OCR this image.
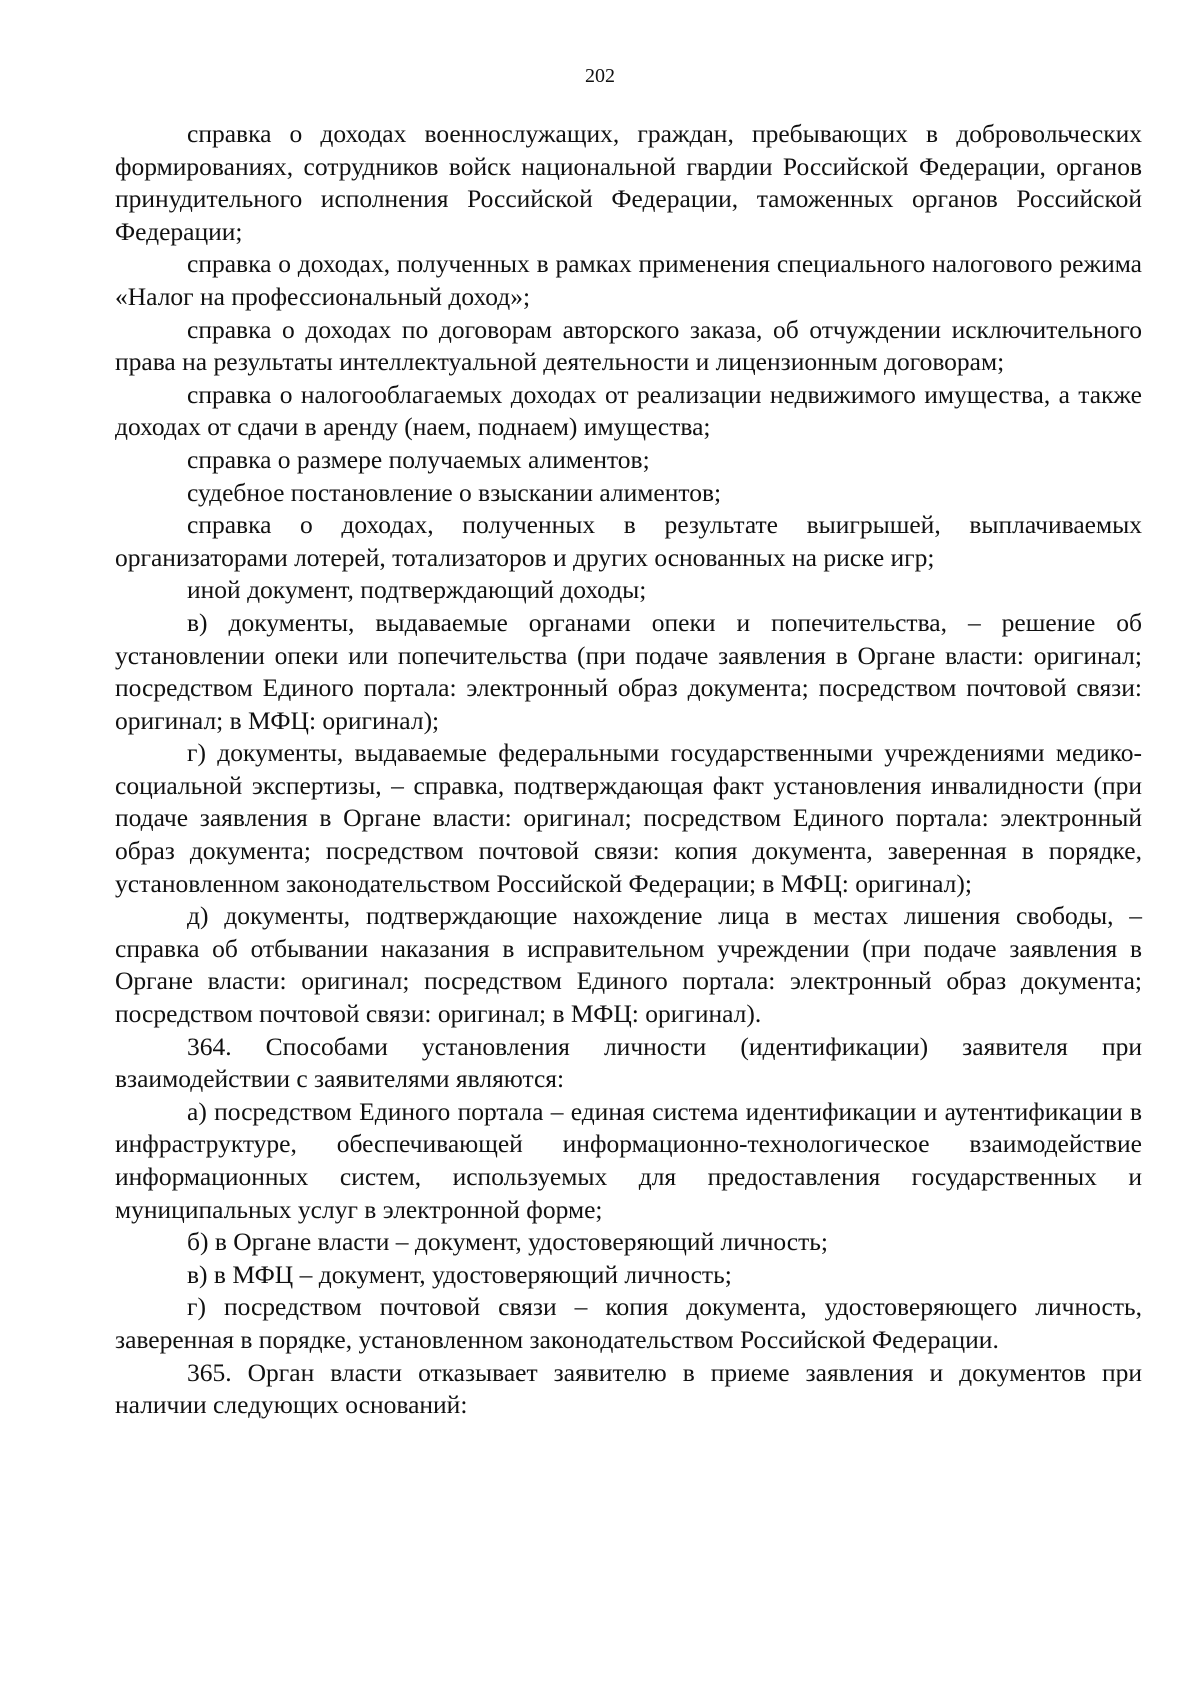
202

справка о доходах военнослужащих, граждан, пребывающих в добровольческих формированиях, сотрудников войск национальной гвардии Российской Федерации, органов принудительного исполнения Российской Федерации, таможенных органов Российской Федерации;

справка о доходах, полученных в рамках применения специального налогового режима «Налог на профессиональный доход»;

справка о доходах по договорам авторского заказа, об отчуждении исключительного права на результаты интеллектуальной деятельности и лицензионным договорам;

справка о налогооблагаемых доходах от реализации недвижимого имущества, а также доходах от сдачи в аренду (наем, поднаем) имущества;

справка о размере получаемых алиментов;

судебное постановление о взыскании алиментов;

справка о доходах, полученных в результате выигрышей, выплачиваемых организаторами лотерей, тотализаторов и других основанных на риске игр;

иной документ, подтверждающий доходы;

в) документы, выдаваемые органами опеки и попечительства, – решение об установлении опеки или попечительства (при подаче заявления в Органе власти: оригинал; посредством Единого портала: электронный образ документа; посредством почтовой связи: оригинал; в МФЦ: оригинал);

г) документы, выдаваемые федеральными государственными учреждениями медико-социальной экспертизы, – справка, подтверждающая факт установления инвалидности (при подаче заявления в Органе власти: оригинал; посредством Единого портала: электронный образ документа; посредством почтовой связи: копия документа, заверенная в порядке, установленном законодательством Российской Федерации; в МФЦ: оригинал);

д) документы, подтверждающие нахождение лица в местах лишения свободы, – справка об отбывании наказания в исправительном учреждении (при подаче заявления в Органе власти: оригинал; посредством Единого портала: электронный образ документа; посредством почтовой связи: оригинал; в МФЦ: оригинал).

364. Способами установления личности (идентификации) заявителя при взаимодействии с заявителями являются:

а) посредством Единого портала – единая система идентификации и аутентификации в инфраструктуре, обеспечивающей информационно-технологическое взаимодействие информационных систем, используемых для предоставления государственных и муниципальных услуг в электронной форме;

б) в Органе власти – документ, удостоверяющий личность;

в) в МФЦ – документ, удостоверяющий личность;

г) посредством почтовой связи – копия документа, удостоверяющего личность, заверенная в порядке, установленном законодательством Российской Федерации.

365. Орган власти отказывает заявителю в приеме заявления и документов при наличии следующих оснований:
